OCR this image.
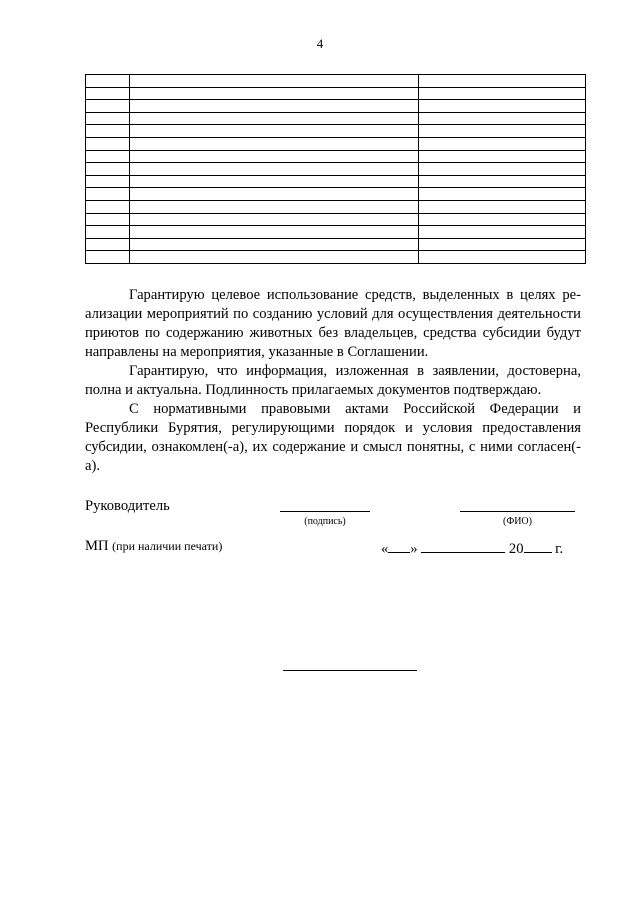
4

Гарантирую целевое использование средств, выделенных в целях реализации мероприятий по созданию условий для осуществления деятельности приютов по содержанию животных без владельцев, средства субсидии будут направлены на мероприятия, указанные в Соглашении.

Гарантирую, что информация, изложенная в заявлении, достоверна, полна и актуальна. Подлинность прилагаемых документов подтверждаю.

С нормативными правовыми актами Российской Федерации и Республики Бурятия, регулирующими порядок и условия предоставления субсидии, ознакомлен(-а), их содержание и смысл понятны, с ними согласен(-а).

Руководитель
(подпись)	(ФИО)
МП (при наличии печати)	« »	20 г.
